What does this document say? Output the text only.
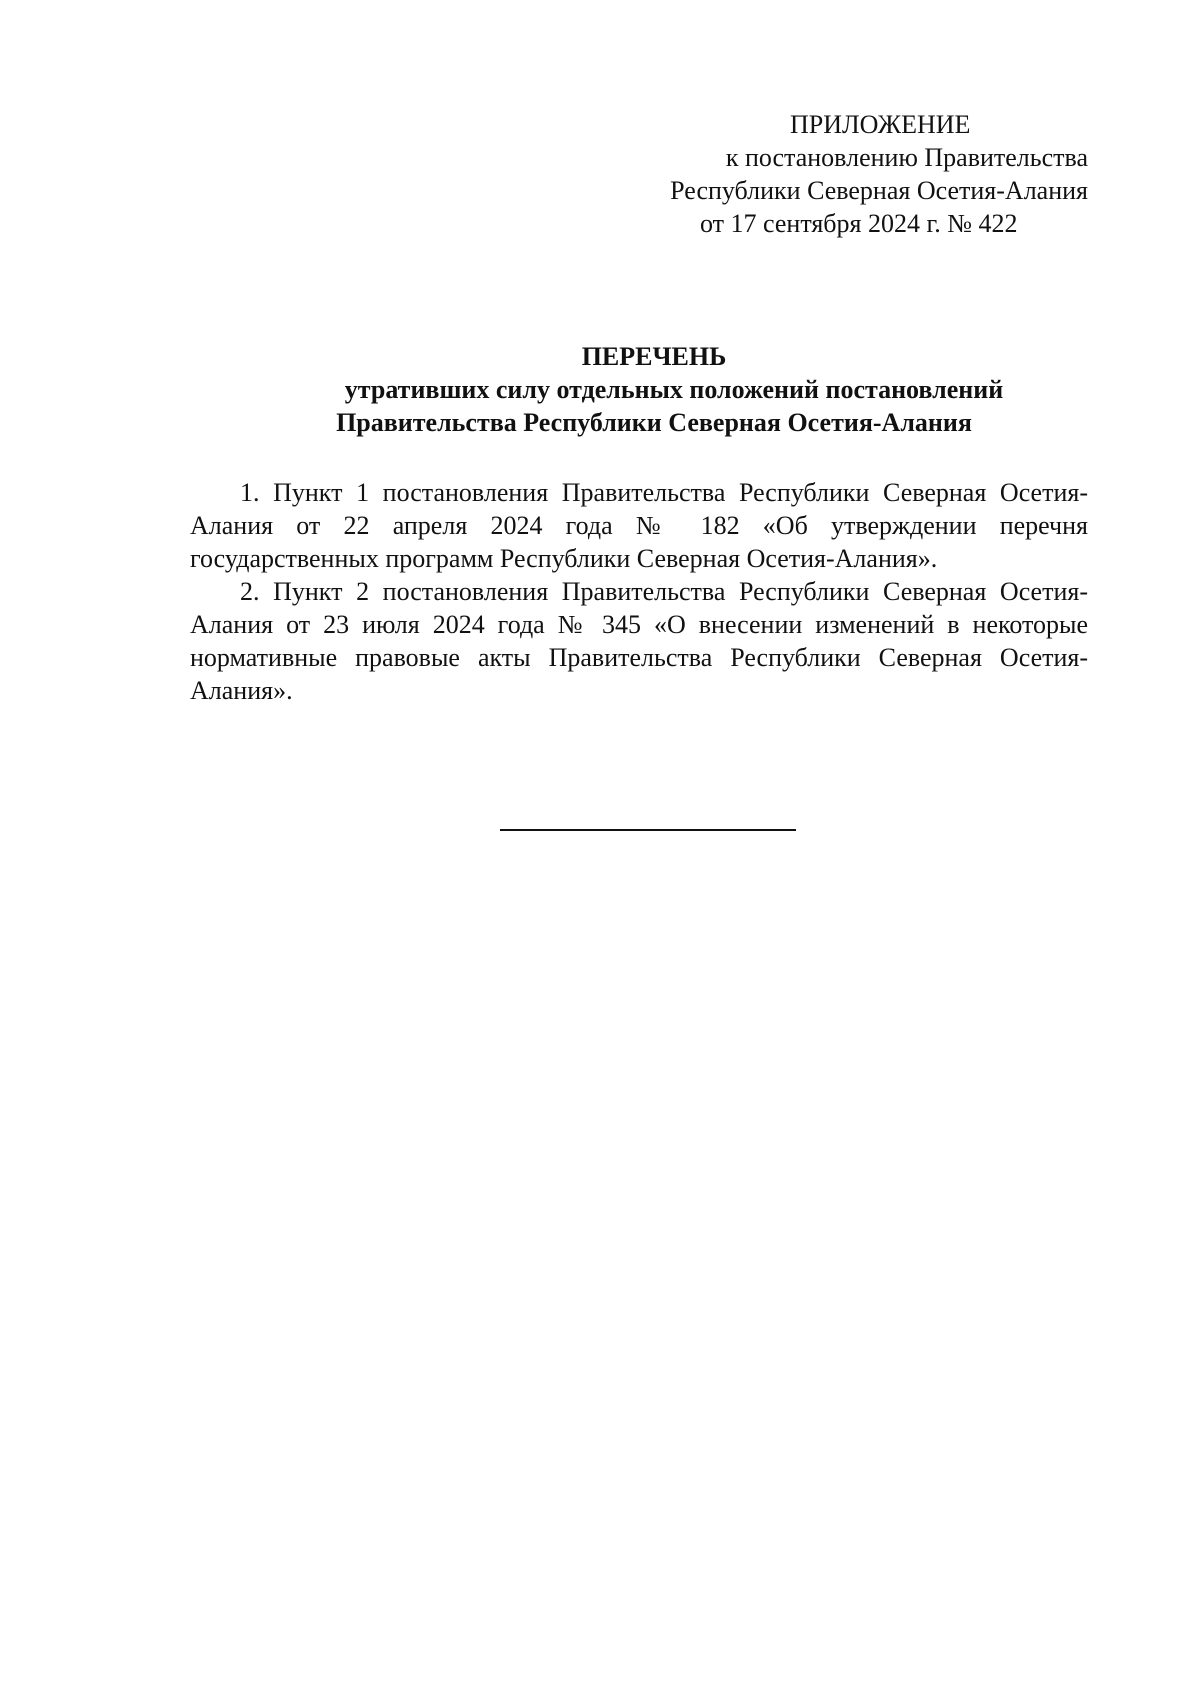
ПРИЛОЖЕНИЕ
к постановлению Правительства
Республики Северная Осетия-Алания
от 17 сентября 2024 г. № 422
ПЕРЕЧЕНЬ
утративших силу отдельных положений постановлений
Правительства Республики Северная Осетия-Алания

1. Пункт 1 постановления Правительства Республики Северная Осетия-Алания от 22 апреля 2024 года № 182 «Об утверждении перечня государственных программ Республики Северная Осетия-Алания».

2. Пункт 2 постановления Правительства Республики Северная Осетия-Алания от 23 июля 2024 года № 345 «О внесении изменений в некоторые нормативные правовые акты Правительства Республики Северная Осетия-Алания».
